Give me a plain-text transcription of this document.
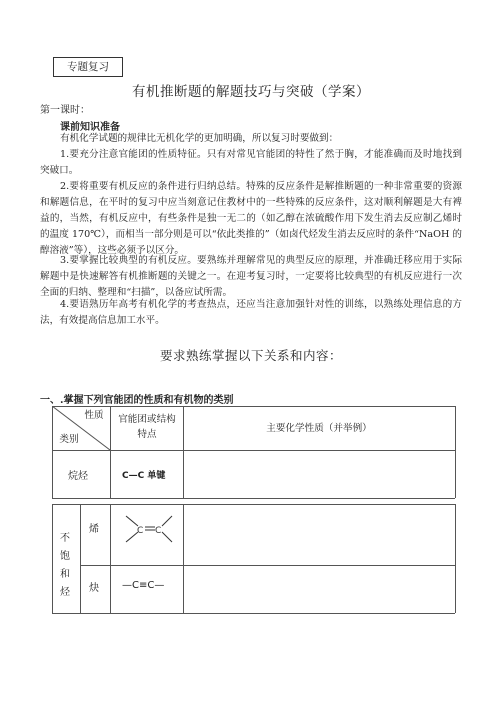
专题复习
有机推断题的解题技巧与突破（学案）
第一课时：
课前知识准备

有机化学试题的规律比无机化学的更加明确，所以复习时要做到：

1.要充分注意官能团的性质特征。只有对常见官能团的特性了然于胸，才能准确而及时地找到突破口。

2.要将重要有机反应的条件进行归纳总结。特殊的反应条件是解推断题的一种非常重要的资源和解题信息，在平时的复习中应当刻意记住教材中的一些特殊的反应条件，这对顺利解题是大有裨益的，当然，有机反应中，有些条件是独一无二的（如乙醇在浓硫酸作用下发生消去反应制乙烯时的温度 170℃），而相当一部分则是可以“依此类推的”（如卤代烃发生消去反应时的条件“NaOH 的醇溶液”等），这些必须予以区分。

3.要掌握比较典型的有机反应。要熟练并理解常见的典型反应的原理，并准确迁移应用于实际解题中是快速解答有机推断题的关键之一。在迎考复习时，一定要将比较典型的有机反应进行一次全面的归纳、整理和“扫描”，以备应试所需。

4.要语熟历年高考有机化学的考查热点，还应当注意加强针对性的训练，以熟练处理信息的方法，有效提高信息加工水平。

要求熟练掌握以下关系和内容：
一、.掌握下列官能团的性质和有机物的类别
性质
类别
官能团或结构特点
主要化学性质（并举例）
烷烃	C—C 单键
不饱和烃
烯	C C
炔 —C≡C—
